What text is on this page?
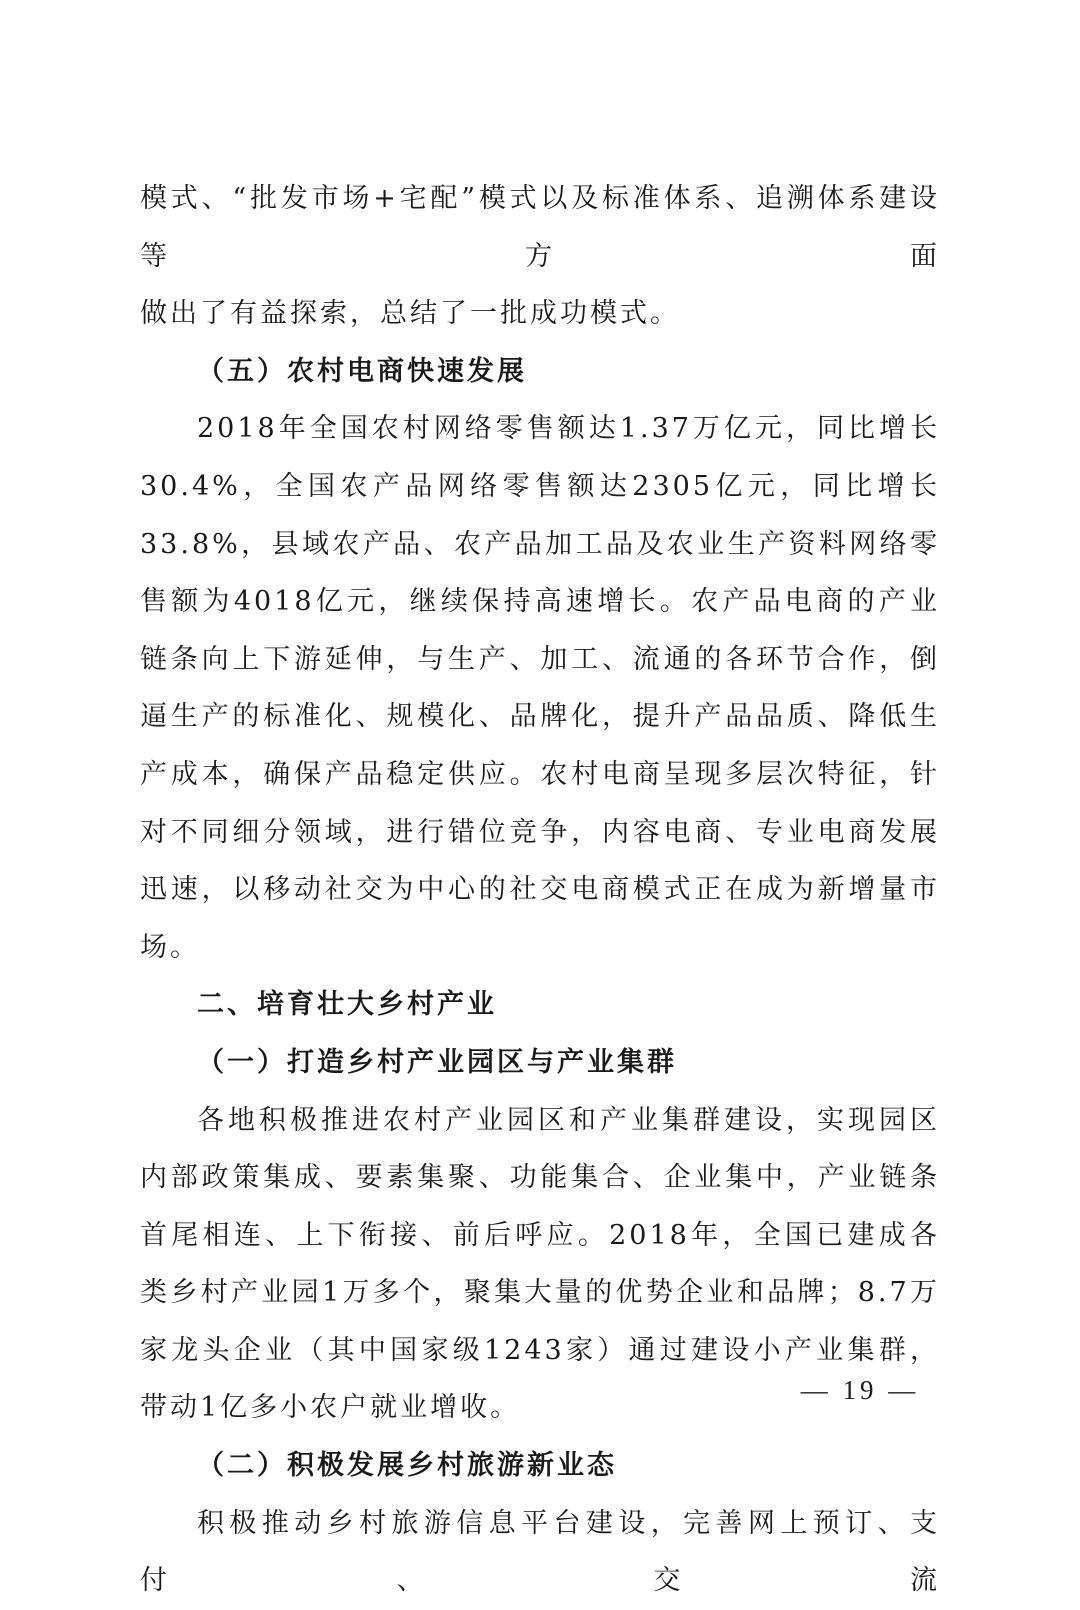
模式、“批发市场+宅配”模式以及标准体系、追溯体系建设等方面

做出了有益探索，总结了一批成功模式。

（五）农村电商快速发展

2018年全国农村网络零售额达1.37万亿元，同比增长30.4%，全国农产品网络零售额达2305亿元，同比增长33.8%，县域农产品、农产品加工品及农业生产资料网络零售额为4018亿元，继续保持高速增长。农产品电商的产业链条向上下游延伸，与生产、加工、流通的各环节合作，倒逼生产的标准化、规模化、品牌化，提升产品品质、降低生产成本，确保产品稳定供应。农村电商呈现多层次特征，针对不同细分领域，进行错位竞争，内容电商、专业电商发展迅速，以移动社交为中心的社交电商模式正在成为新增量市场。

二、培育壮大乡村产业
（一）打造乡村产业园区与产业集群

各地积极推进农村产业园区和产业集群建设，实现园区内部政策集成、要素集聚、功能集合、企业集中，产业链条首尾相连、上下衔接、前后呼应。2018年，全国已建成各类乡村产业园1万多个，聚集大量的优势企业和品牌；8.7万家龙头企业（其中国家级1243家）通过建设小产业集群，带动1亿多小农户就业增收。

（二）积极发展乡村旅游新业态

积极推动乡村旅游信息平台建设，完善网上预订、支付、交流

— 19 —
